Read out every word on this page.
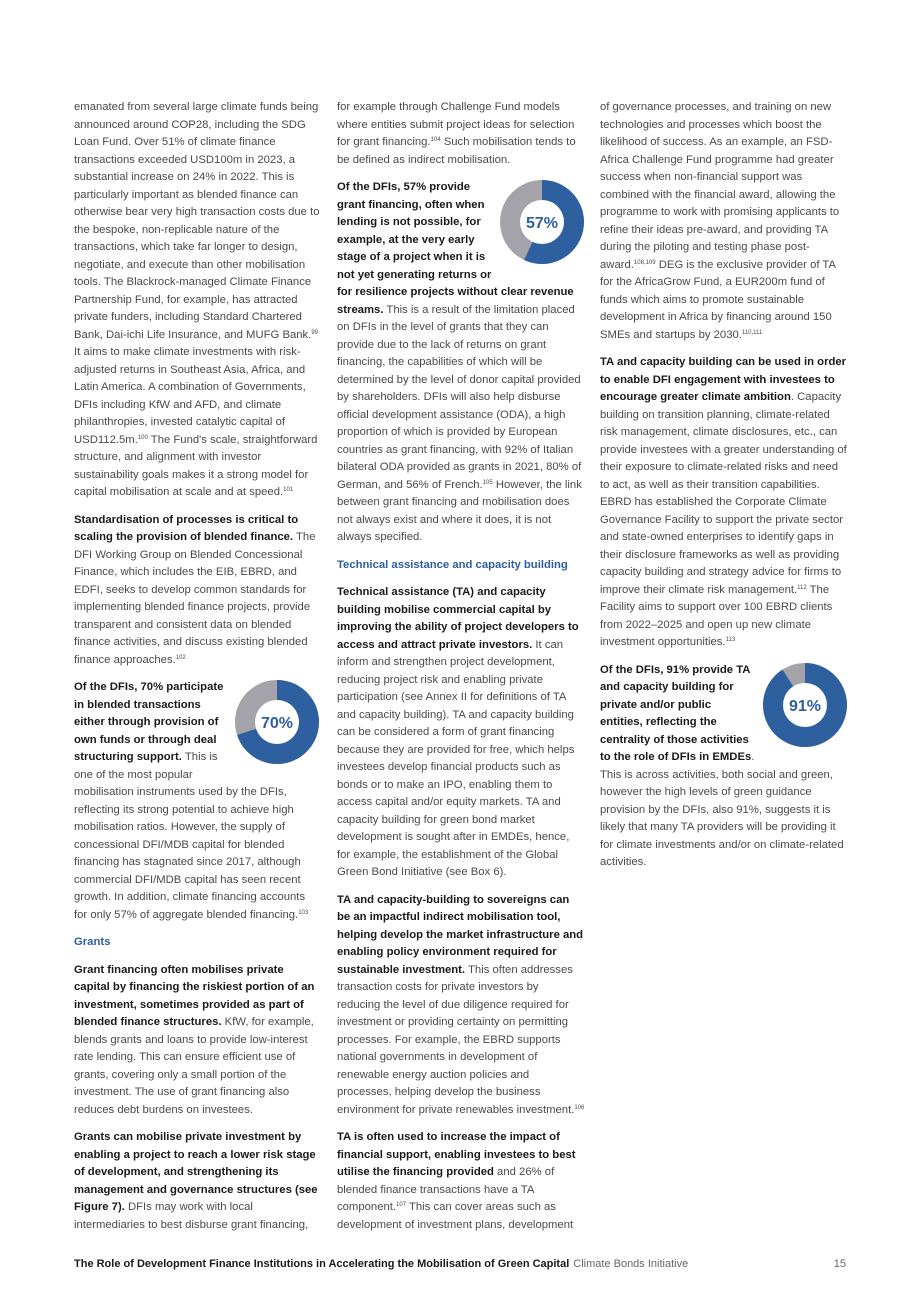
emanated from several large climate funds being announced around COP28, including the SDG Loan Fund. Over 51% of climate finance transactions exceeded USD100m in 2023, a substantial increase on 24% in 2022. This is particularly important as blended finance can otherwise bear very high transaction costs due to the bespoke, non-replicable nature of the transactions, which take far longer to design, negotiate, and execute than other mobilisation tools. The Blackrock-managed Climate Finance Partnership Fund, for example, has attracted private funders, including Standard Chartered Bank, Dai-ichi Life Insurance, and MUFG Bank.$^{99}$ It aims to make climate investments with risk-adjusted returns in Southeast Asia, Africa, and Latin America. A combination of Governments, DFIs including KfW and AFD, and climate philanthropies, invested catalytic capital of USD112.5m.$^{100}$ The Fund's scale, straightforward structure, and alignment with investor sustainability goals makes it a strong model for capital mobilisation at scale and at speed.$^{101}$

Standardisation of processes is critical to scaling the provision of blended finance. The DFI Working Group on Blended Concessional Finance, which includes the EIB, EBRD, and EDFI, seeks to develop common standards for implementing blended finance projects, provide transparent and consistent data on blended finance activities, and discuss existing blended finance approaches.$^{102}$

70%
Of the DFIs, 70% participate in blended transactions either through provision of own funds or through deal structuring support. This is one of the most popular mobilisation instruments used by the DFIs, reflecting its strong potential to achieve high mobilisation ratios. However, the supply of concessional DFI/MDB capital for blended financing has stagnated since 2017, although commercial DFI/MDB capital has seen recent growth. In addition, climate financing accounts for only 57% of aggregate blended financing.$^{103}$

Grants

Grant financing often mobilises private capital by financing the riskiest portion of an investment, sometimes provided as part of blended finance structures. KfW, for example, blends grants and loans to provide low-interest rate lending. This can ensure efficient use of grants, covering only a small portion of the investment. The use of grant financing also reduces debt burdens on investees.

Grants can mobilise private investment by enabling a project to reach a lower risk stage of development, and strengthening its management and governance structures (see Figure 7). DFIs may work with local intermediaries to best disburse grant financing,

for example through Challenge Fund models where entities submit project ideas for selection for grant financing.$^{104}$ Such mobilisation tends to be defined as indirect mobilisation.

57%
Of the DFIs, 57% provide grant financing, often when lending is not possible, for example, at the very early stage of a project when it is not yet generating returns or for resilience projects without clear revenue streams. This is a result of the limitation placed on DFIs in the level of grants that they can provide due to the lack of returns on grant financing, the capabilities of which will be determined by the level of donor capital provided by shareholders. DFIs will also help disburse official development assistance (ODA), a high proportion of which is provided by European countries as grant financing, with 92% of Italian bilateral ODA provided as grants in 2021, 80% of German, and 56% of French.$^{105}$ However, the link between grant financing and mobilisation does not always exist and where it does, it is not always specified.

Technical assistance and capacity building

Technical assistance (TA) and capacity building mobilise commercial capital by improving the ability of project developers to access and attract private investors. It can inform and strengthen project development, reducing project risk and enabling private participation (see Annex II for definitions of TA and capacity building). TA and capacity building can be considered a form of grant financing because they are provided for free, which helps investees develop financial products such as bonds or to make an IPO, enabling them to access capital and/or equity markets. TA and capacity building for green bond market development is sought after in EMDEs, hence, for example, the establishment of the Global Green Bond Initiative (see Box 6).

TA and capacity-building to sovereigns can be an impactful indirect mobilisation tool, helping develop the market infrastructure and enabling policy environment required for sustainable investment. This often addresses transaction costs for private investors by reducing the level of due diligence required for investment or providing certainty on permitting processes. For example, the EBRD supports national governments in development of renewable energy auction policies and processes, helping develop the business environment for private renewables investment.$^{106}$

TA is often used to increase the impact of financial support, enabling investees to best utilise the financing provided and 26% of blended finance transactions have a TA component.$^{107}$ This can cover areas such as development of investment plans, development

of governance processes, and training on new technologies and processes which boost the likelihood of success. As an example, an FSD-Africa Challenge Fund programme had greater success when non-financial support was combined with the financial award, allowing the programme to work with promising applicants to refine their ideas pre-award, and providing TA during the piloting and testing phase post-award.$^{108,109}$ DEG is the exclusive provider of TA for the AfricaGrow Fund, a EUR200m fund of funds which aims to promote sustainable development in Africa by financing around 150 SMEs and startups by 2030.$^{110,111}$

TA and capacity building can be used in order to enable DFI engagement with investees to encourage greater climate ambition. Capacity building on transition planning, climate-related risk management, climate disclosures, etc., can provide investees with a greater understanding of their exposure to climate-related risks and need to act, as well as their transition capabilities. EBRD has established the Corporate Climate Governance Facility to support the private sector and state-owned enterprises to identify gaps in their disclosure frameworks as well as providing capacity building and strategy advice for firms to improve their climate risk management.$^{112}$ The Facility aims to support over 100 EBRD clients from 2022–2025 and open up new climate investment opportunities.$^{113}$

91%
Of the DFIs, 91% provide TA and capacity building for private and/or public entities, reflecting the centrality of those activities to the role of DFIs in EMDEs. This is across activities, both social and green, however the high levels of green guidance provision by the DFIs, also 91%, suggests it is likely that many TA providers will be providing it for climate investments and/or on climate-related activities.

The Role of Development Finance Institutions in Accelerating the Mobilisation of Green Capital Climate Bonds Initiative	15
